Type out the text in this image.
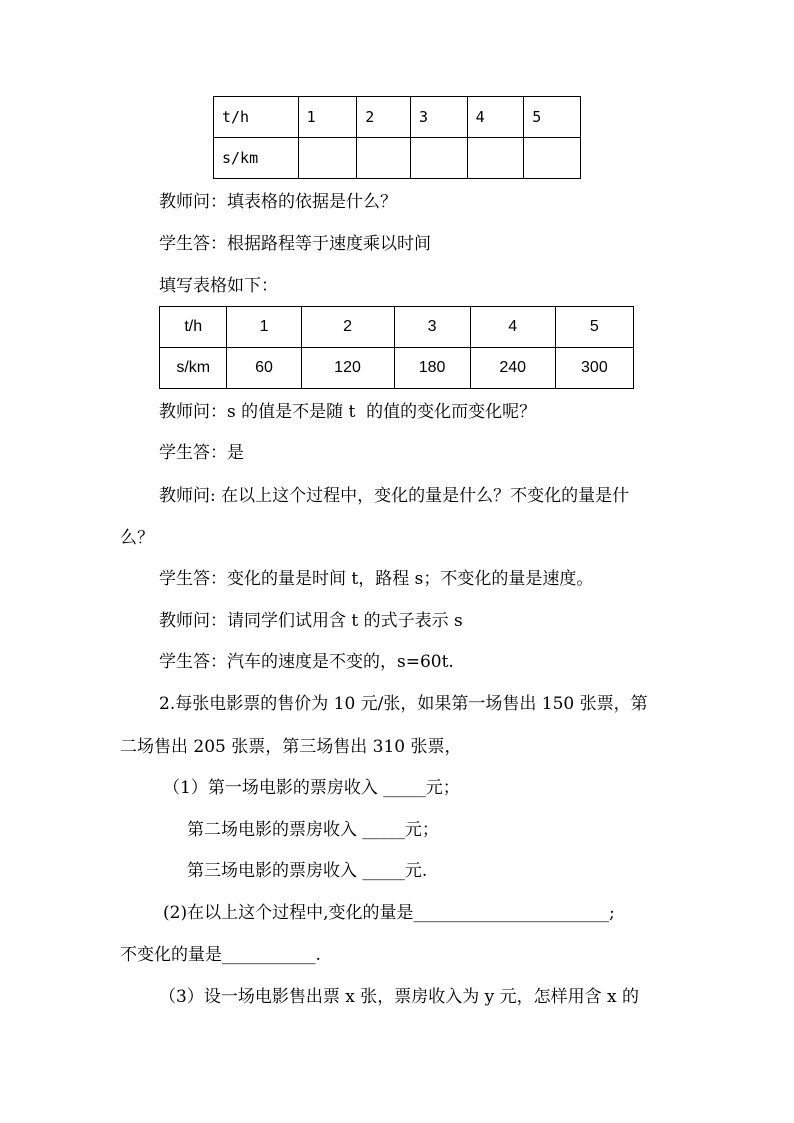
t/h	1	2	3	4	5
s/km					
教师问：填表格的依据是什么？
学生答：根据路程等于速度乘以时间
填写表格如下：
t/h	1	2	3	4	5
s/km	60	120	180	240	300
教师问：s 的值是不是随 t  的值的变化而变化呢？
学生答：是
教师问: 在以上这个过程中，变化的量是什么？不变化的量是什
么？
学生答：变化的量是时间 t，路程 s；不变化的量是速度。
教师问：请同学们试用含 t 的式子表示 s
学生答：汽车的速度是不变的，s=60t.
2.每张电影票的售价为 10 元/张，如果第一场售出 150 张票，第
二场售出 205 张票，第三场售出 310 张票，
（1）第一场电影的票房收入 _____元；
第二场电影的票房收入 _____元；
第三场电影的票房收入 _____元.
(2)在以上这个过程中,变化的量是_______________________;
不变化的量是___________.
（3）设一场电影售出票 x 张，票房收入为 y 元，怎样用含 x 的
